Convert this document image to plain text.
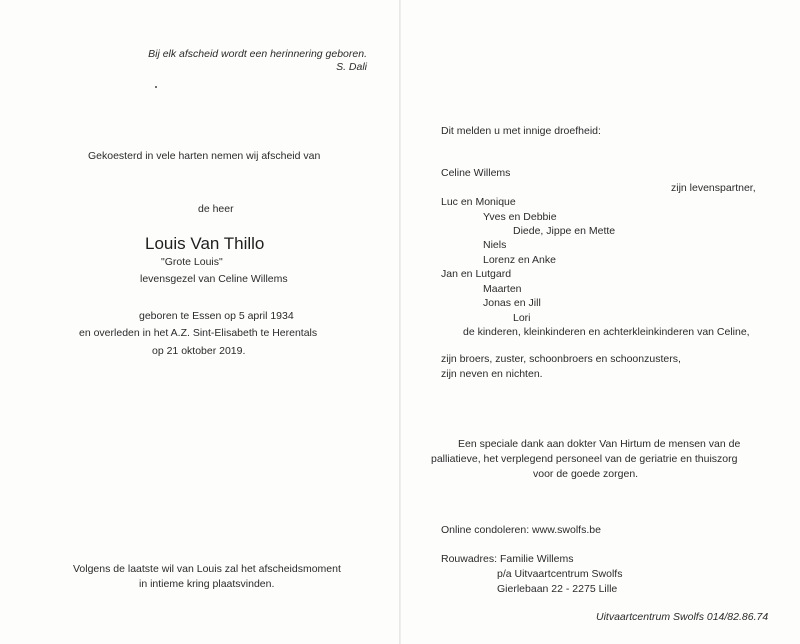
Bij elk afscheid wordt een herinnering geboren.
S. Dali
Gekoesterd in vele harten nemen wij afscheid van
de heer
Louis Van Thillo
"Grote Louis"
levensgezel van Celine Willems
geboren te Essen op 5 april 1934
en overleden in het A.Z. Sint-Elisabeth te Herentals
op 21 oktober 2019.
Volgens de laatste wil van Louis zal het afscheidsmoment
in intieme kring plaatsvinden.
Dit melden u met innige droefheid:
Celine Willems
zijn levenspartner,
Luc en Monique
Yves en Debbie
Diede, Jippe en Mette
Niels
Lorenz en Anke
Jan en Lutgard
Maarten
Jonas en Jill
Lori
de kinderen, kleinkinderen en achterkleinkinderen van Celine,
zijn broers, zuster, schoonbroers en schoonzusters,
zijn neven en nichten.
Een speciale dank aan dokter Van Hirtum de mensen van de
palliatieve, het verplegend personeel van de geriatrie en thuiszorg
voor de goede zorgen.
Online condoleren: www.swolfs.be
Rouwadres: Familie Willems
p/a Uitvaartcentrum Swolfs
Gierlebaan 22 - 2275 Lille
Uitvaartcentrum Swolfs 014/82.86.74
